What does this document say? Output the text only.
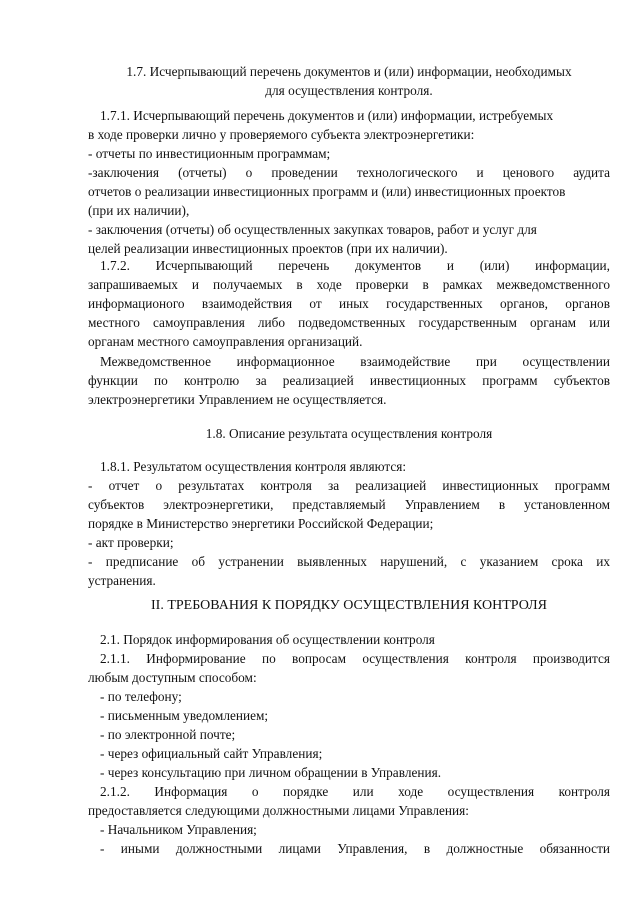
1.7. Исчерпывающий перечень документов и (или) информации, необходимых
для осуществления контроля.
1.7.1. Исчерпывающий перечень документов и (или) информации, истребуемых
в ходе проверки лично у проверяемого субъекта электроэнергетики:
- отчеты по инвестиционным программам;
-заключения (отчеты) о проведении технологического и ценового аудита
отчетов о реализации инвестиционных программ и (или) инвестиционных проектов
(при их наличии),
- заключения (отчеты) об осуществленных закупках товаров, работ и услуг для
целей реализации инвестиционных проектов (при их наличии).
1.7.2. Исчерпывающий перечень документов и (или) информации,
запрашиваемых и получаемых в ходе проверки в рамках межведомственного
информационого взаимодействия от иных государственных органов, органов
местного самоуправления либо подведомственных государственным органам или
органам местного самоуправления организаций.
Межведомственное информационное взаимодействие при осуществлении
функции по контролю за реализацией инвестиционных программ субъектов
электроэнергетики Управлением не осуществляется.
1.8. Описание результата осуществления контроля
1.8.1. Результатом осуществления контроля являются:
- отчет о результатах контроля за реализацией инвестиционных программ
субъектов электроэнергетики, представляемый Управлением в установленном
порядке в Министерство энергетики Российской Федерации;
- акт проверки;
- предписание об устранении выявленных нарушений, с указанием срока их
устранения.
II. ТРЕБОВАНИЯ К ПОРЯДКУ ОСУЩЕСТВЛЕНИЯ КОНТРОЛЯ
2.1. Порядок информирования об осуществлении контроля
2.1.1. Информирование по вопросам осуществления контроля производится
любым доступным способом:
- по телефону;
- письменным уведомлением;
- по электронной почте;
- через официальный сайт Управления;
- через консультацию при личном обращении в Управления.
2.1.2. Информация о порядке или ходе осуществления контроля
предоставляется следующими должностными лицами Управления:
- Начальником Управления;
- иными должностными лицами Управления, в должностные обязанности
